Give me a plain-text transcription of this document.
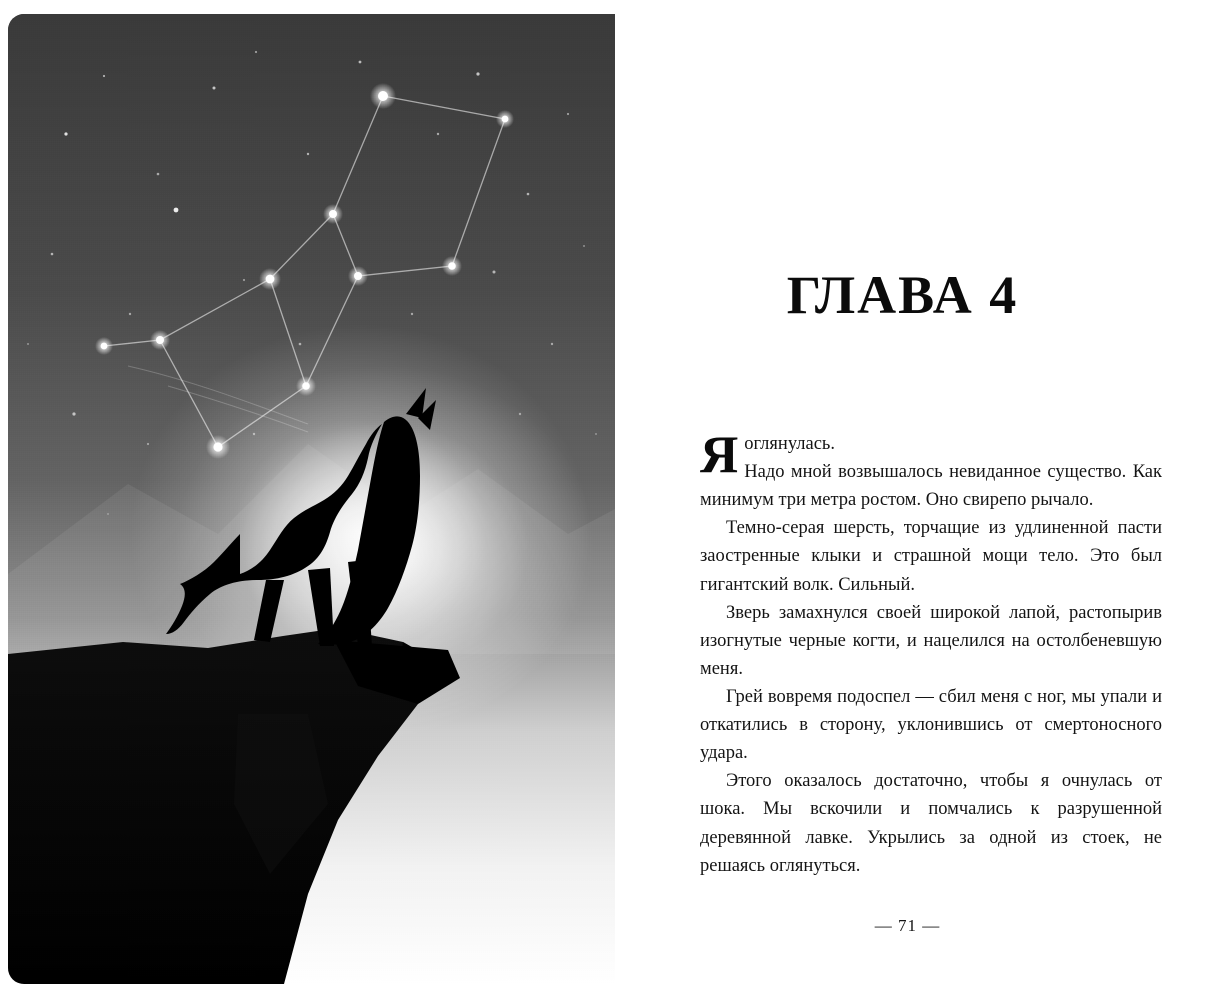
ГЛАВА 4

Яоглянулась.
Надо мной возвышалось невиданное существо. Как минимум три метра ростом. Оно свирепо рычало.

Темно-серая шерсть, торчащие из удлиненной пасти заостренные клыки и страшной мощи тело. Это был гигантский волк. Сильный.

Зверь замахнулся своей широкой лапой, растопырив изогнутые черные когти, и нацелился на остолбеневшую меня.

Грей вовремя подоспел — сбил меня с ног, мы упали и откатились в сторону, уклонившись от смертоносного удара.

Этого оказалось достаточно, чтобы я очнулась от шока. Мы вскочили и помчались к разрушенной деревянной лавке. Укрылись за одной из стоек, не решаясь оглянуться.

— 71 —
